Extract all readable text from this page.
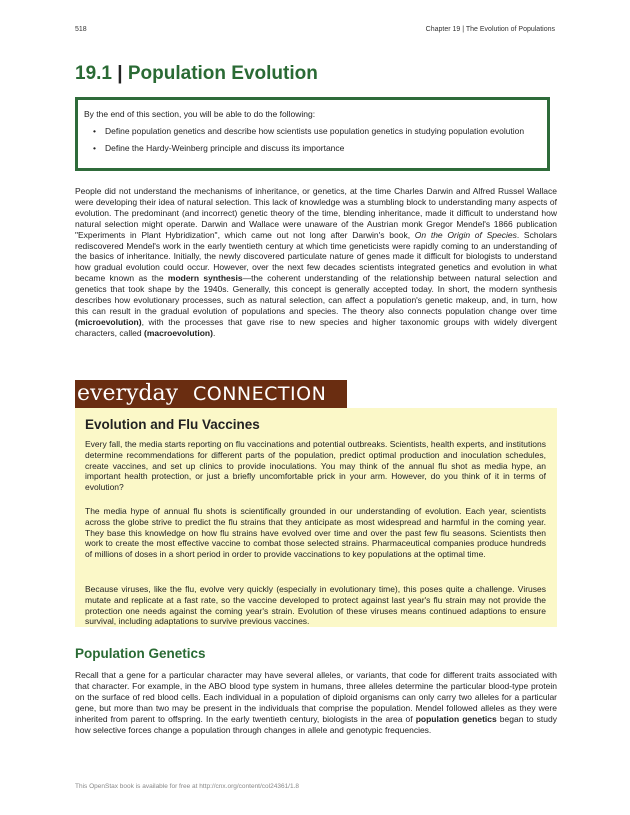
518	Chapter 19 | The Evolution of Populations
19.1 | Population Evolution

By the end of this section, you will be able to do the following:

• Define population genetics and describe how scientists use population genetics in studying population evolution
• Define the Hardy-Weinberg principle and discuss its importance

People did not understand the mechanisms of inheritance, or genetics, at the time Charles Darwin and Alfred Russel Wallace were developing their idea of natural selection. This lack of knowledge was a stumbling block to understanding many aspects of evolution. The predominant (and incorrect) genetic theory of the time, blending inheritance, made it difficult to understand how natural selection might operate. Darwin and Wallace were unaware of the Austrian monk Gregor Mendel's 1866 publication "Experiments in Plant Hybridization", which came out not long after Darwin's book, On the Origin of Species. Scholars rediscovered Mendel's work in the early twentieth century at which time geneticists were rapidly coming to an understanding of the basics of inheritance. Initially, the newly discovered particulate nature of genes made it difficult for biologists to understand how gradual evolution could occur. However, over the next few decades scientists integrated genetics and evolution in what became known as the modern synthesis—the coherent understanding of the relationship between natural selection and genetics that took shape by the 1940s. Generally, this concept is generally accepted today. In short, the modern synthesis describes how evolutionary processes, such as natural selection, can affect a population's genetic makeup, and, in turn, how this can result in the gradual evolution of populations and species. The theory also connects population change over time (microevolution), with the processes that gave rise to new species and higher taxonomic groups with widely divergent characters, called (macroevolution).

everyday CONNECTION
Evolution and Flu Vaccines

Every fall, the media starts reporting on flu vaccinations and potential outbreaks. Scientists, health experts, and institutions determine recommendations for different parts of the population, predict optimal production and inoculation schedules, create vaccines, and set up clinics to provide inoculations. You may think of the annual flu shot as media hype, an important health protection, or just a briefly uncomfortable prick in your arm. However, do you think of it in terms of evolution?

The media hype of annual flu shots is scientifically grounded in our understanding of evolution. Each year, scientists across the globe strive to predict the flu strains that they anticipate as most widespread and harmful in the coming year. They base this knowledge on how flu strains have evolved over time and over the past few flu seasons. Scientists then work to create the most effective vaccine to combat those selected strains. Pharmaceutical companies produce hundreds of millions of doses in a short period in order to provide vaccinations to key populations at the optimal time.

Because viruses, like the flu, evolve very quickly (especially in evolutionary time), this poses quite a challenge. Viruses mutate and replicate at a fast rate, so the vaccine developed to protect against last year's flu strain may not provide the protection one needs against the coming year's strain. Evolution of these viruses means continued adaptions to ensure survival, including adaptations to survive previous vaccines.

Population Genetics

Recall that a gene for a particular character may have several alleles, or variants, that code for different traits associated with that character. For example, in the ABO blood type system in humans, three alleles determine the particular blood-type protein on the surface of red blood cells. Each individual in a population of diploid organisms can only carry two alleles for a particular gene, but more than two may be present in the individuals that comprise the population. Mendel followed alleles as they were inherited from parent to offspring. In the early twentieth century, biologists in the area of population genetics began to study how selective forces change a population through changes in allele and genotypic frequencies.

This OpenStax book is available for free at http://cnx.org/content/col24361/1.8
